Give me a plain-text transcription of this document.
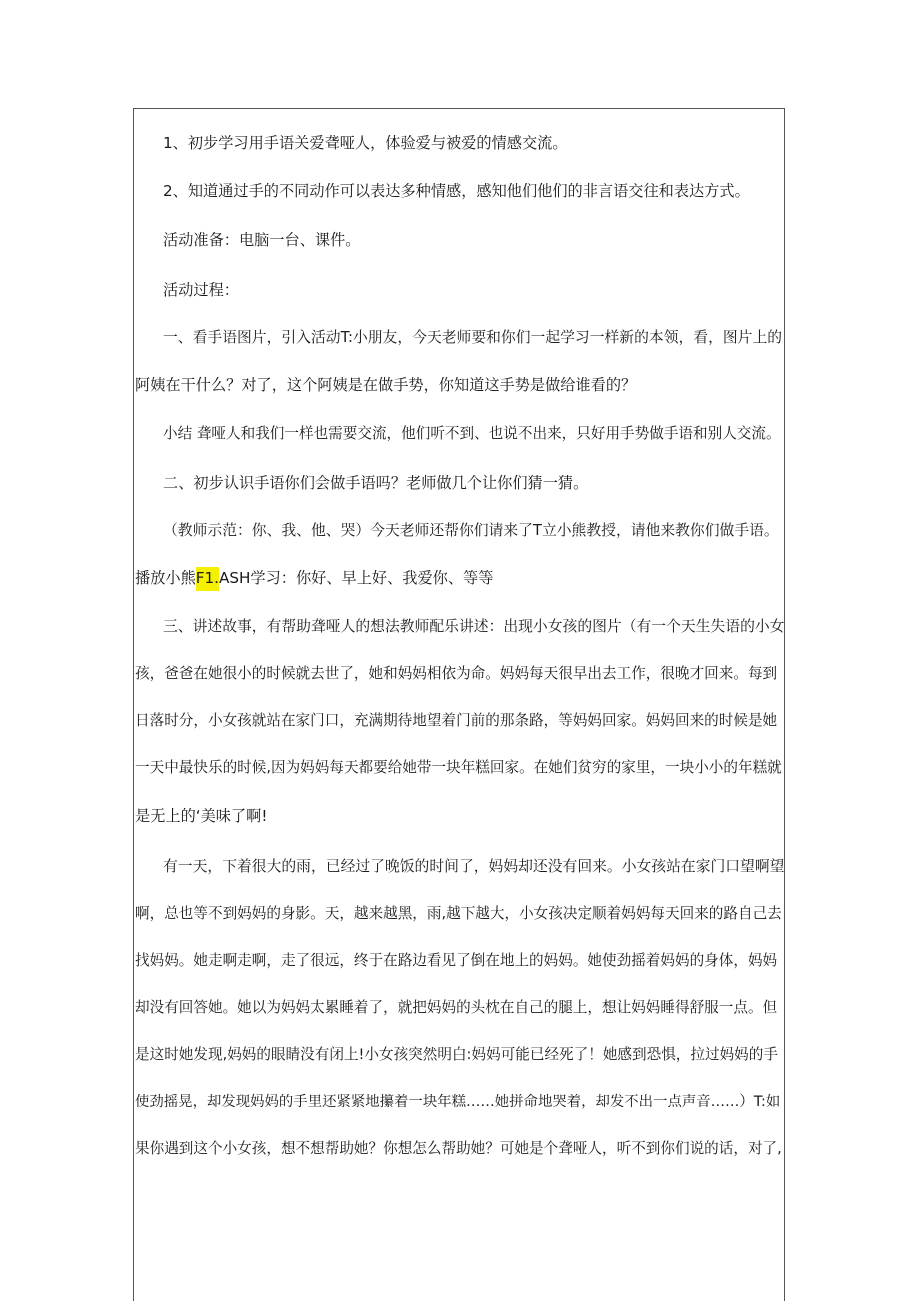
1、初步学习用手语关爱聋哑人，体验爱与被爱的情感交流。
2、知道通过手的不同动作可以表达多种情感，感知他们他们的非言语交往和表达方式。
活动准备：电脑一台、课件。
活动过程：
一、看手语图片，引入活动T:小朋友，今天老师要和你们一起学习一样新的本领，看，图片上的
阿姨在干什么？对了，这个阿姨是在做手势，你知道这手势是做给谁看的？
小结 聋哑人和我们一样也需要交流，他们听不到、也说不出来，只好用手势做手语和别人交流。
二、初步认识手语你们会做手语吗？老师做几个让你们猜一猜。
（教师示范：你、我、他、哭）今天老师还帮你们请来了T立小熊教授，请他来教你们做手语。
播放小熊F1.ASH学习：你好、早上好、我爱你、等等
三、讲述故事，有帮助聋哑人的想法教师配乐讲述：出现小女孩的图片（有一个天生失语的小女
孩，爸爸在她很小的时候就去世了，她和妈妈相依为命。妈妈每天很早出去工作，很晚才回来。每到
日落时分，小女孩就站在家门口，充满期待地望着门前的那条路，等妈妈回家。妈妈回来的时候是她
一天中最快乐的时候,因为妈妈每天都要给她带一块年糕回家。在她们贫穷的家里，一块小小的年糕就
是无上的‘美味了啊!
有一天，下着很大的雨，已经过了晚饭的时间了，妈妈却还没有回来。小女孩站在家门口望啊望
啊，总也等不到妈妈的身影。天，越来越黑，雨,越下越大，小女孩决定顺着妈妈每天回来的路自己去
找妈妈。她走啊走啊，走了很远，终于在路边看见了倒在地上的妈妈。她使劲摇着妈妈的身体，妈妈
却没有回答她。她以为妈妈太累睡着了，就把妈妈的头枕在自己的腿上，想让妈妈睡得舒服一点。但
是这时她发现,妈妈的眼睛没有闭上!小女孩突然明白:妈妈可能已经死了！她感到恐惧，拉过妈妈的手
使劲摇晃，却发现妈妈的手里还紧紧地攥着一块年糕……她拼命地哭着，却发不出一点声音……）T:如
果你遇到这个小女孩，想不想帮助她？你想怎么帮助她？可她是个聋哑人，听不到你们说的话，对了,
